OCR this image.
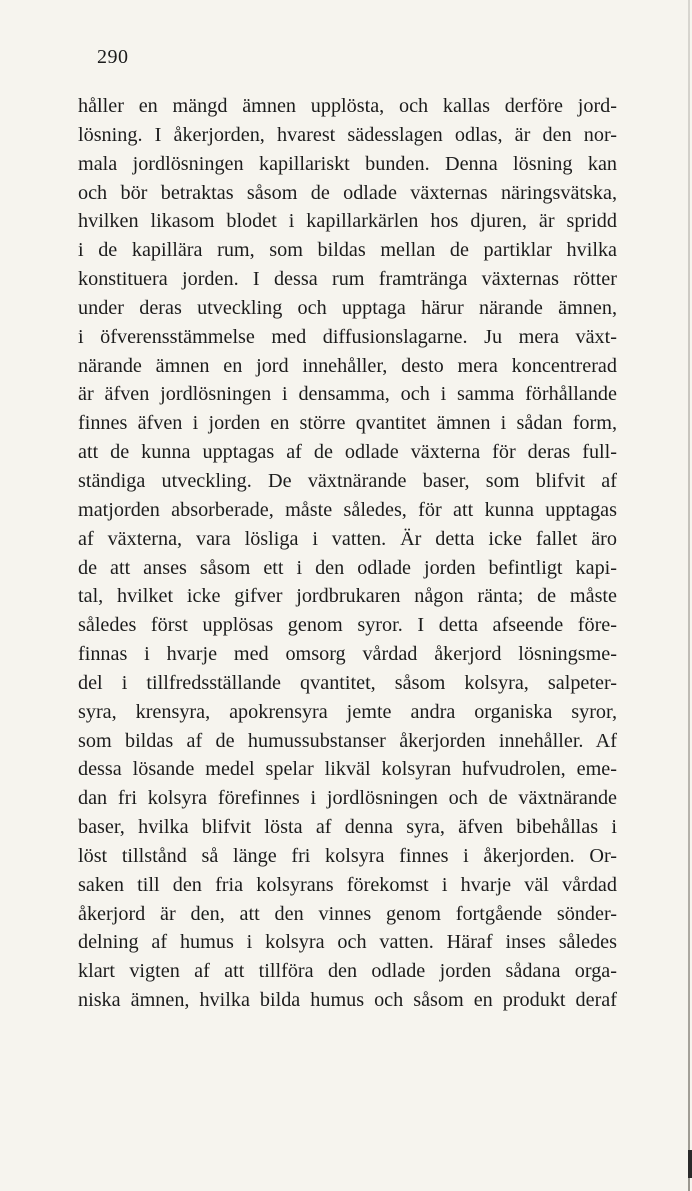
290
håller en mängd ämnen upplösta, och kallas derföre jord-
lösning. I åkerjorden, hvarest sädesslagen odlas, är den nor-
mala jordlösningen kapillariskt bunden. Denna lösning kan
och bör betraktas såsom de odlade växternas näringsvätska,
hvilken likasom blodet i kapillarkärlen hos djuren, är spridd
i de kapillära rum, som bildas mellan de partiklar hvilka
konstituera jorden. I dessa rum framtränga växternas rötter
under deras utveckling och upptaga härur närande ämnen,
i öfverensstämmelse med diffusionslagarne. Ju mera växt-
närande ämnen en jord innehåller, desto mera koncentrerad
är äfven jordlösningen i densamma, och i samma förhållande
finnes äfven i jorden en större qvantitet ämnen i sådan form,
att de kunna upptagas af de odlade växterna för deras full-
ständiga utveckling. De växtnärande baser, som blifvit af
matjorden absorberade, måste således, för att kunna upptagas
af växterna, vara lösliga i vatten. Är detta icke fallet äro
de att anses såsom ett i den odlade jorden befintligt kapi-
tal, hvilket icke gifver jordbrukaren någon ränta; de måste
således först upplösas genom syror. I detta afseende före-
finnas i hvarje med omsorg vårdad åkerjord lösningsme-
del i tillfredsställande qvantitet, såsom kolsyra, salpeter-
syra, krensyra, apokrensyra jemte andra organiska syror,
som bildas af de humussubstanser åkerjorden innehåller. Af
dessa lösande medel spelar likväl kolsyran hufvudrolen, eme-
dan fri kolsyra förefinnes i jordlösningen och de växtnärande
baser, hvilka blifvit lösta af denna syra, äfven bibehållas i
löst tillstånd så länge fri kolsyra finnes i åkerjorden. Or-
saken till den fria kolsyrans förekomst i hvarje väl vårdad
åkerjord är den, att den vinnes genom fortgående sönder-
delning af humus i kolsyra och vatten. Häraf inses således
klart vigten af att tillföra den odlade jorden sådana orga-
niska ämnen, hvilka bilda humus och såsom en produkt deraf
